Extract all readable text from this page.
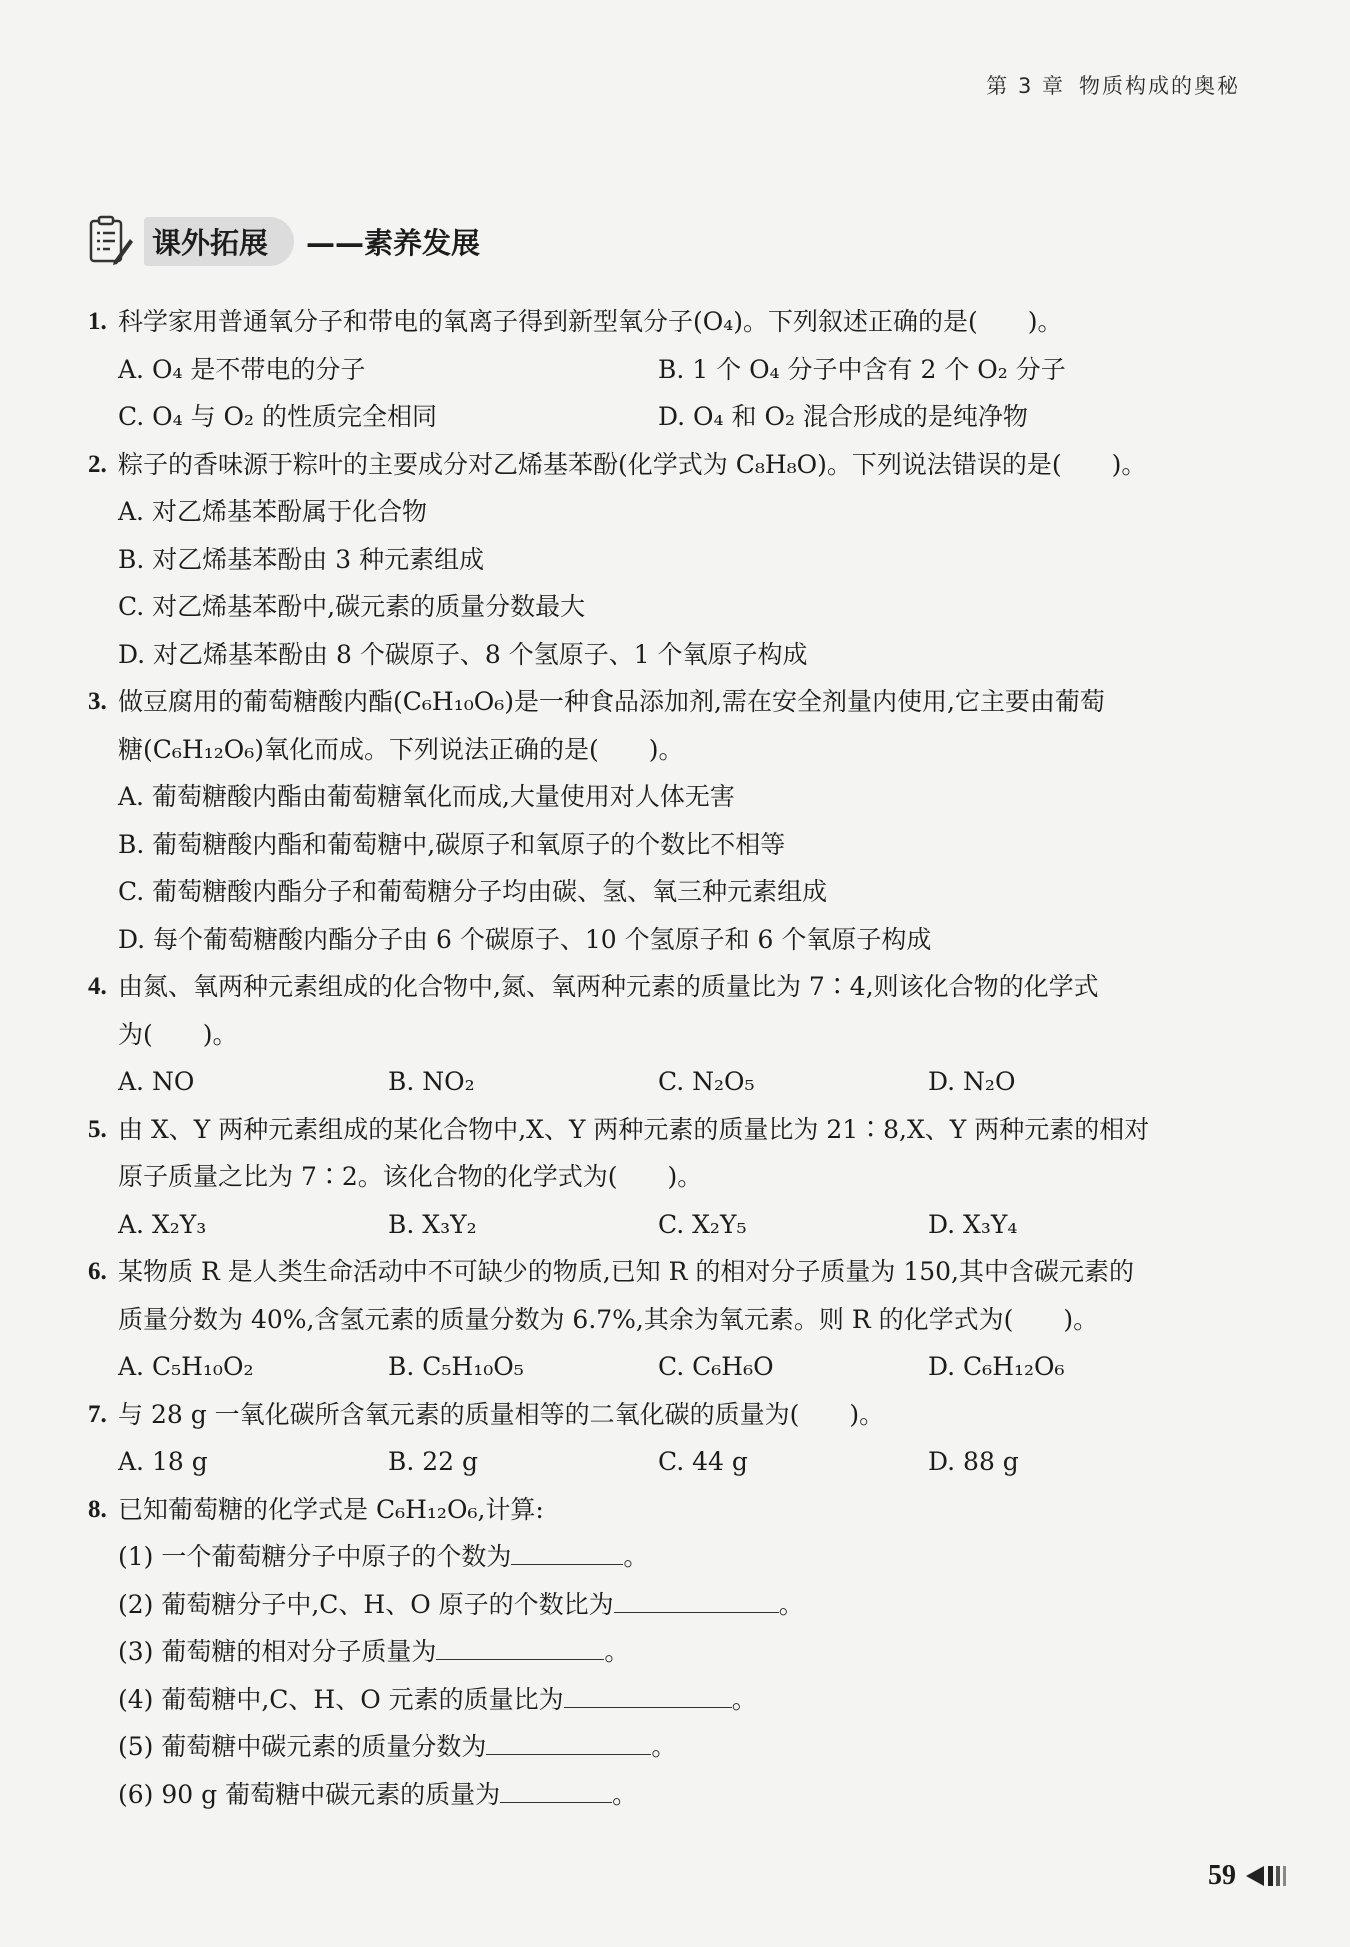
第 3 章 物质构成的奥秘
课外拓展	——素养发展
1. 科学家用普通氧分子和带电的氧离子得到新型氧分子(O₄)。下列叙述正确的是(　　)。
A. O₄ 是不带电的分子	B. 1 个 O₄ 分子中含有 2 个 O₂ 分子
C. O₄ 与 O₂ 的性质完全相同	D. O₄ 和 O₂ 混合形成的是纯净物
2. 粽子的香味源于粽叶的主要成分对乙烯基苯酚(化学式为 C₈H₈O)。下列说法错误的是(　　)。
A. 对乙烯基苯酚属于化合物
B. 对乙烯基苯酚由 3 种元素组成
C. 对乙烯基苯酚中,碳元素的质量分数最大
D. 对乙烯基苯酚由 8 个碳原子、8 个氢原子、1 个氧原子构成
3. 做豆腐用的葡萄糖酸内酯(C₆H₁₀O₆)是一种食品添加剂,需在安全剂量内使用,它主要由葡萄
糖(C₆H₁₂O₆)氧化而成。下列说法正确的是(　　)。
A. 葡萄糖酸内酯由葡萄糖氧化而成,大量使用对人体无害
B. 葡萄糖酸内酯和葡萄糖中,碳原子和氧原子的个数比不相等
C. 葡萄糖酸内酯分子和葡萄糖分子均由碳、氢、氧三种元素组成
D. 每个葡萄糖酸内酯分子由 6 个碳原子、10 个氢原子和 6 个氧原子构成
4. 由氮、氧两种元素组成的化合物中,氮、氧两种元素的质量比为 7∶4,则该化合物的化学式
为(　　)。
A. NO	B. NO₂	C. N₂O₅	D. N₂O
5. 由 X、Y 两种元素组成的某化合物中,X、Y 两种元素的质量比为 21∶8,X、Y 两种元素的相对
原子质量之比为 7∶2。该化合物的化学式为(　　)。
A. X₂Y₃	B. X₃Y₂	C. X₂Y₅	D. X₃Y₄
6. 某物质 R 是人类生命活动中不可缺少的物质,已知 R 的相对分子质量为 150,其中含碳元素的
质量分数为 40%,含氢元素的质量分数为 6.7%,其余为氧元素。则 R 的化学式为(　　)。
A. C₅H₁₀O₂	B. C₅H₁₀O₅	C. C₆H₆O	D. C₆H₁₂O₆
7. 与 28 g 一氧化碳所含氧元素的质量相等的二氧化碳的质量为(　　)。
A. 18 g	B. 22 g	C. 44 g	D. 88 g
8. 已知葡萄糖的化学式是 C₆H₁₂O₆,计算:
(1) 一个葡萄糖分子中原子的个数为	。
(2) 葡萄糖分子中,C、H、O 原子的个数比为	。
(3) 葡萄糖的相对分子质量为	。
(4) 葡萄糖中,C、H、O 元素的质量比为	。
(5) 葡萄糖中碳元素的质量分数为	。
(6) 90 g 葡萄糖中碳元素的质量为	。
59
